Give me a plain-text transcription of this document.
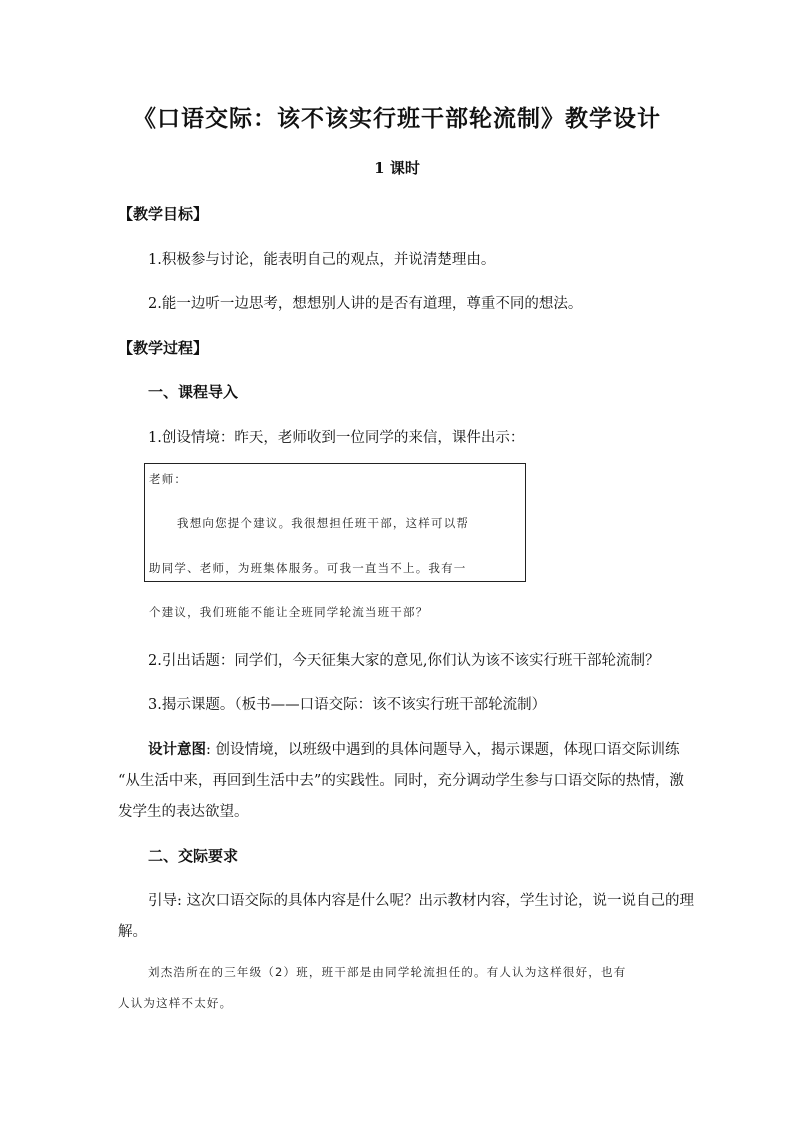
《口语交际：该不该实行班干部轮流制》教学设计
1 课时
【教学目标】
1.积极参与讨论，能表明自己的观点，并说清楚理由。
2.能一边听一边思考，想想别人讲的是否有道理，尊重不同的想法。
【教学过程】
一、课程导入
1.创设情境：昨天，老师收到一位同学的来信，课件出示：
老师：
我想向您提个建议。我很想担任班干部，这样可以帮
助同学、老师，为班集体服务。可我一直当不上。我有一
个建议，我们班能不能让全班同学轮流当班干部？
2.引出话题：同学们，今天征集大家的意见,你们认为该不该实行班干部轮流制？
3.揭示课题。（板书——口语交际：该不该实行班干部轮流制）
设计意图: 创设情境，以班级中遇到的具体问题导入，揭示课题，体现口语交际训练
“从生活中来，再回到生活中去”的实践性。同时，充分调动学生参与口语交际的热情，激
发学生的表达欲望。
二、交际要求
引导: 这次口语交际的具体内容是什么呢？出示教材内容，学生讨论，说一说自己的理
解。
刘杰浩所在的三年级（2）班，班干部是由同学轮流担任的。有人认为这样很好，也有
人认为这样不太好。
